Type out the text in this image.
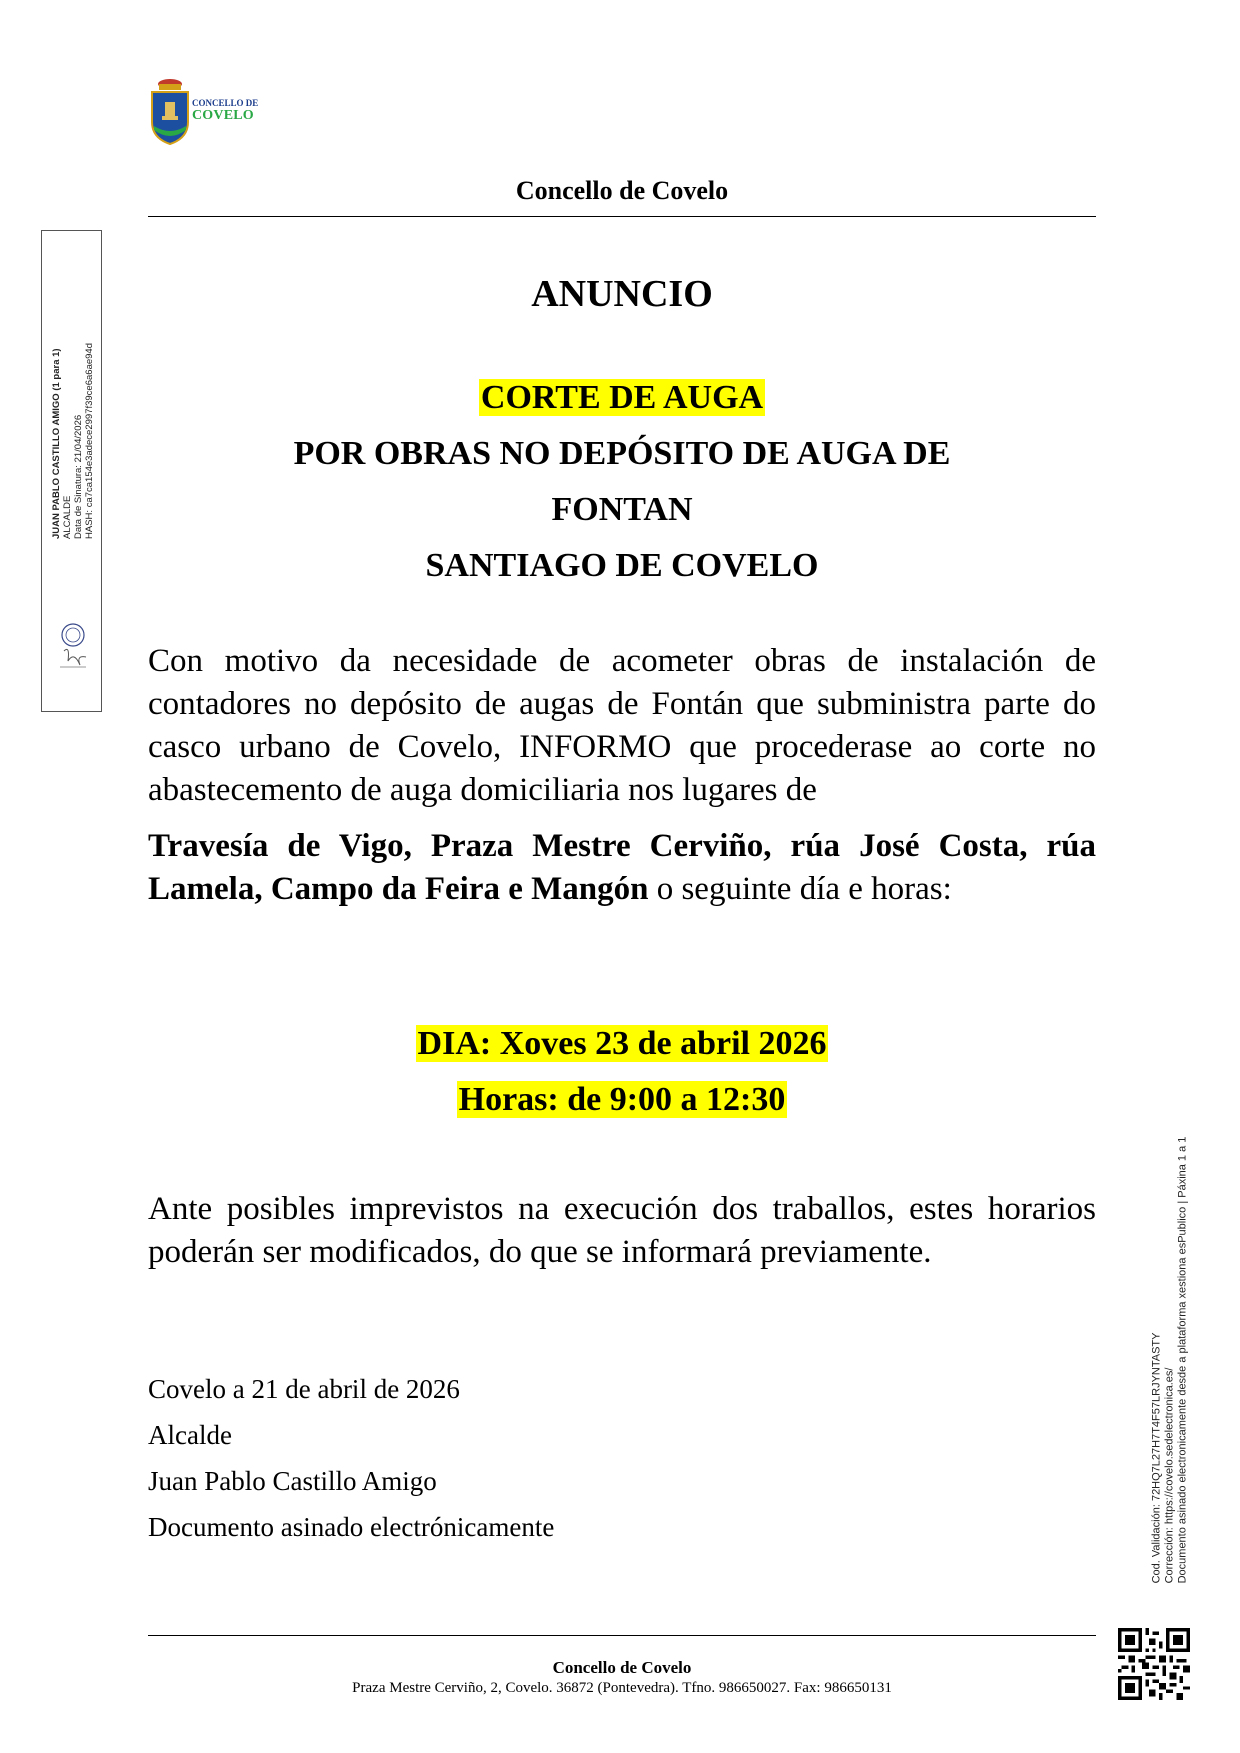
CONCELLO DE
COVELO
Concello de Covelo
JUAN PABLO CASTILLO AMIGO (1 para 1) ALCALDE Data de Sinatura: 21/04/2026 HASH: ca7ca154e3adece2997f39ce6a6ae94d
ANUNCIO
CORTE DE AUGA
POR OBRAS NO DEPÓSITO DE AUGA DE
FONTAN
SANTIAGO DE COVELO
Con motivo da necesidade de acometer obras de instalación de contadores no depósito de augas de Fontán que subministra parte do casco urbano de Covelo, INFORMO que procederase ao corte no abastecemento de auga domiciliaria nos lugares de
Travesía de Vigo, Praza Mestre Cerviño, rúa José Costa, rúa Lamela, Campo da Feira e Mangón o seguinte día e horas:
DIA: Xoves 23 de abril 2026
Horas: de 9:00 a 12:30
Ante posibles imprevistos na execución dos traballos, estes horarios poderán ser modificados, do que se informará previamente.
Covelo a 21 de abril de 2026
Alcalde
Juan Pablo Castillo Amigo
Documento asinado electrónicamente	Cod. Validación: 72HQ7L27H7T4F57LRJYNTASTY Corrección: https://covelo.sedelectronica.es/ Documento asinado electronicamente desde a plataforma xestiona esPublico | Páxina 1 a 1
Concello de Covelo
Praza Mestre Cerviño, 2, Covelo. 36872 (Pontevedra). Tfno. 986650027. Fax: 986650131
